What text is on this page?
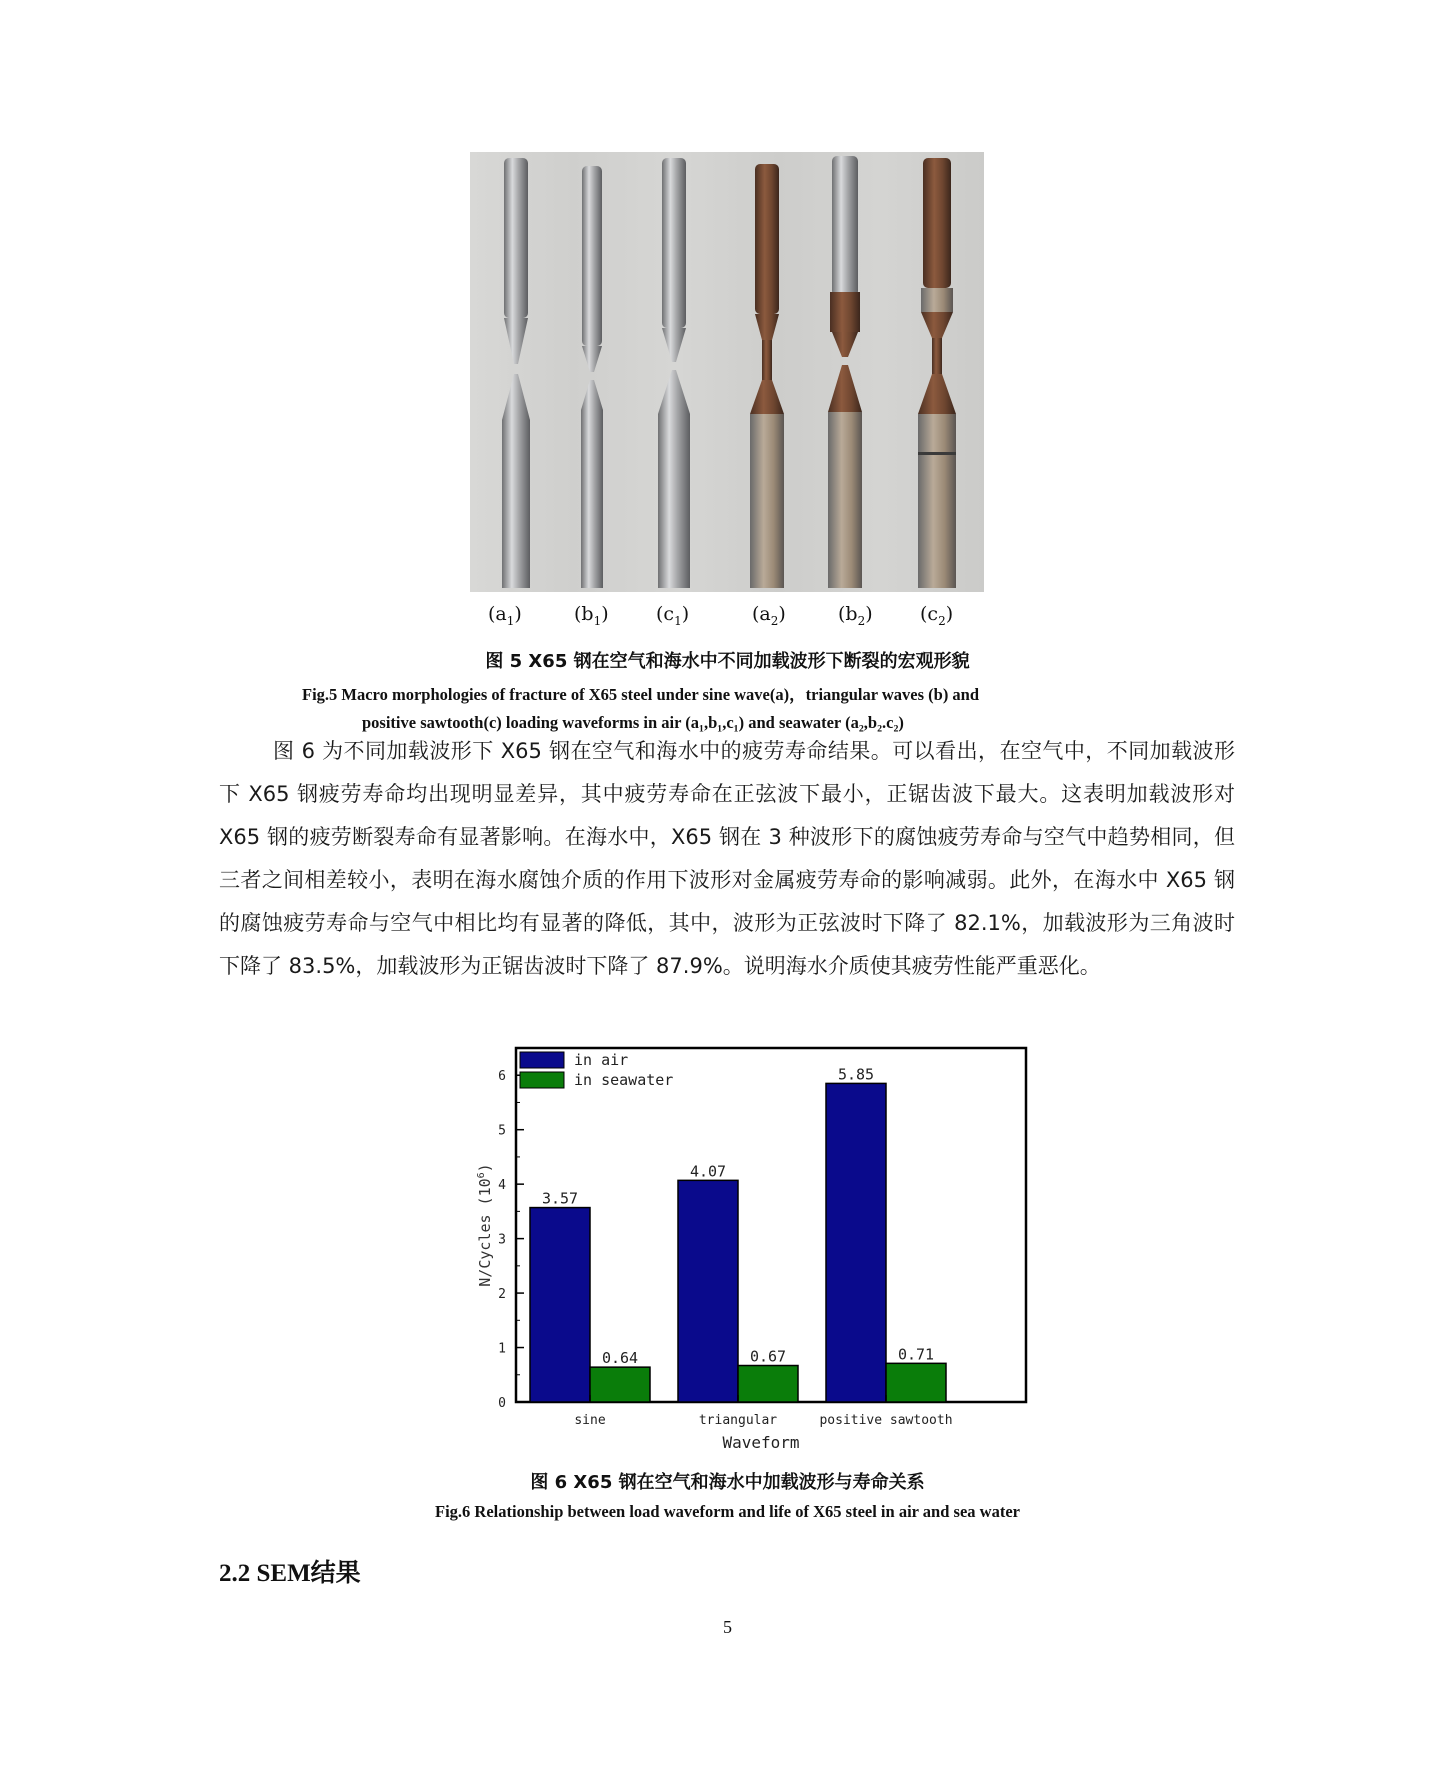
$(a_1)$	$(b_1)$ $(c_1)$	$(a_2)$	$(b_2)$ $(c_2)$
图 5 X65 钢在空气和海水中不同加载波形下断裂的宏观形貌
Fig.5 Macro morphologies of fracture of X65 steel under sine wave(a)，triangular waves (b) and
positive sawtooth(c) loading waveforms in air (a₁,b₁,c₁) and seawater (a₂,b₂.c₂)
图 6 为不同加载波形下 X65 钢在空气和海水中的疲劳寿命结果。可以看出，在空气中，不同加载波形下 X65 钢疲劳寿命均出现明显差异，其中疲劳寿命在正弦波下最小，正锯齿波下最大。这表明加载波形对 X65 钢的疲劳断裂寿命有显著影响。在海水中，X65 钢在 3 种波形下的腐蚀疲劳寿命与空气中趋势相同，但三者之间相差较小，表明在海水腐蚀介质的作用下波形对金属疲劳寿命的影响减弱。此外，在海水中 X65 钢的腐蚀疲劳寿命与空气中相比均有显著的降低，其中，波形为正弦波时下降了 82.1%，加载波形为三角波时下降了 83.5%，加载波形为正锯齿波时下降了 87.9%。说明海水介质使其疲劳性能严重恶化。
0
1
2
3
4
5
6
N/Cycles $(10^6)$
3.57
0.64
sine
4.07
0.67
triangular
5.85
0.71
positive sawtooth
Waveform
in air
in seawater
图 6 X65 钢在空气和海水中加载波形与寿命关系
Fig.6 Relationship between load waveform and life of X65 steel in air and sea water
2.2 SEM结果
5
